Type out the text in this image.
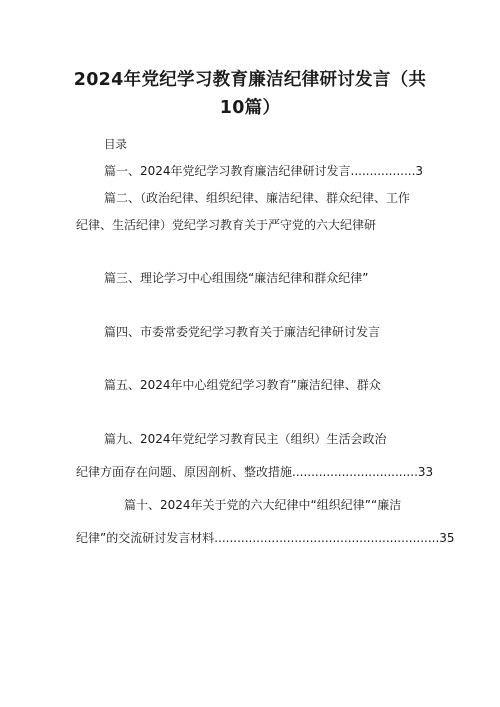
2024年党纪学习教育廉洁纪律研讨发言（共
10篇）
目录
篇一、2024年党纪学习教育廉洁纪律研讨发言.................3
篇二、（政治纪律、组织纪律、廉洁纪律、群众纪律、工作
纪律、生活纪律）党纪学习教育关于严守党的六大纪律研
篇三、理论学习中心组围绕“廉洁纪律和群众纪律”
篇四、市委常委党纪学习教育关于廉洁纪律研讨发言
篇五、2024年中心组党纪学习教育”廉洁纪律、群众
篇九、2024年党纪学习教育民主（组织）生活会政治
纪律方面存在问题、原因剖析、整改措施.................................33
篇十、2024年关于党的六大纪律中“组织纪律”“廉洁
纪律”的交流研讨发言材料...........................................................35
